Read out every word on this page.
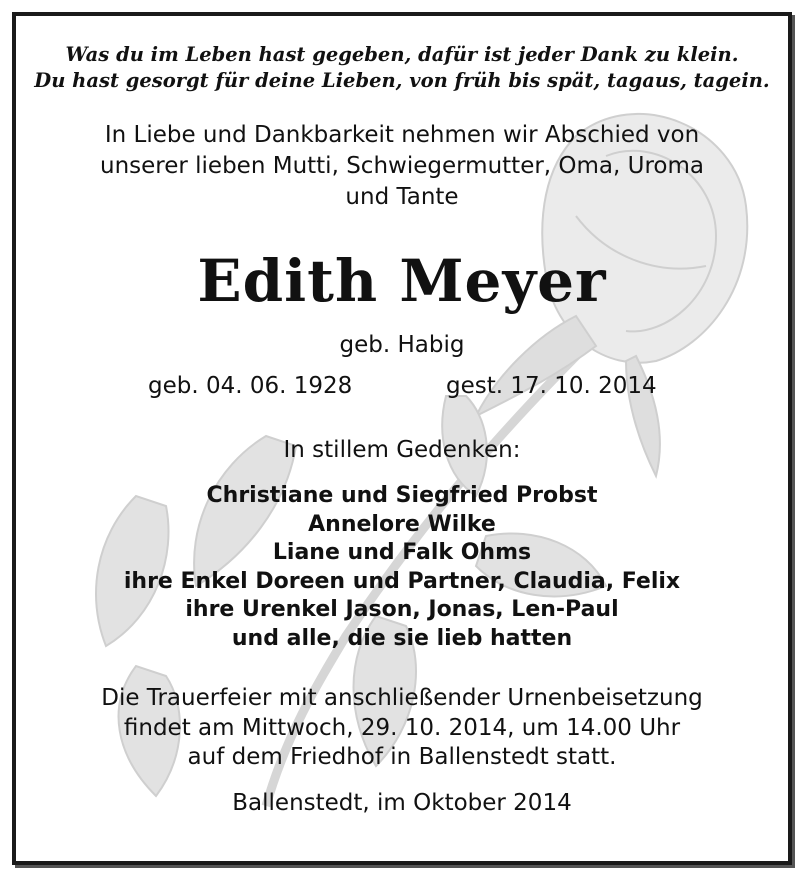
Was du im Leben hast gegeben, dafür ist jeder Dank zu klein.
Du hast gesorgt für deine Lieben, von früh bis spät, tagaus, tagein.
In Liebe und Dankbarkeit nehmen wir Abschied von
unserer lieben Mutti, Schwiegermutter, Oma, Uroma
und Tante
Edith Meyer
geb. Habig
geb. 04. 06. 1928	gest. 17. 10. 2014
In stillem Gedenken:
Christiane und Siegfried Probst
Annelore Wilke
Liane und Falk Ohms
ihre Enkel Doreen und Partner, Claudia, Felix
ihre Urenkel Jason, Jonas, Len-Paul
und alle, die sie lieb hatten
Die Trauerfeier mit anschließender Urnenbeisetzung
findet am Mittwoch, 29. 10. 2014, um 14.00 Uhr
auf dem Friedhof in Ballenstedt statt.
Ballenstedt, im Oktober 2014
